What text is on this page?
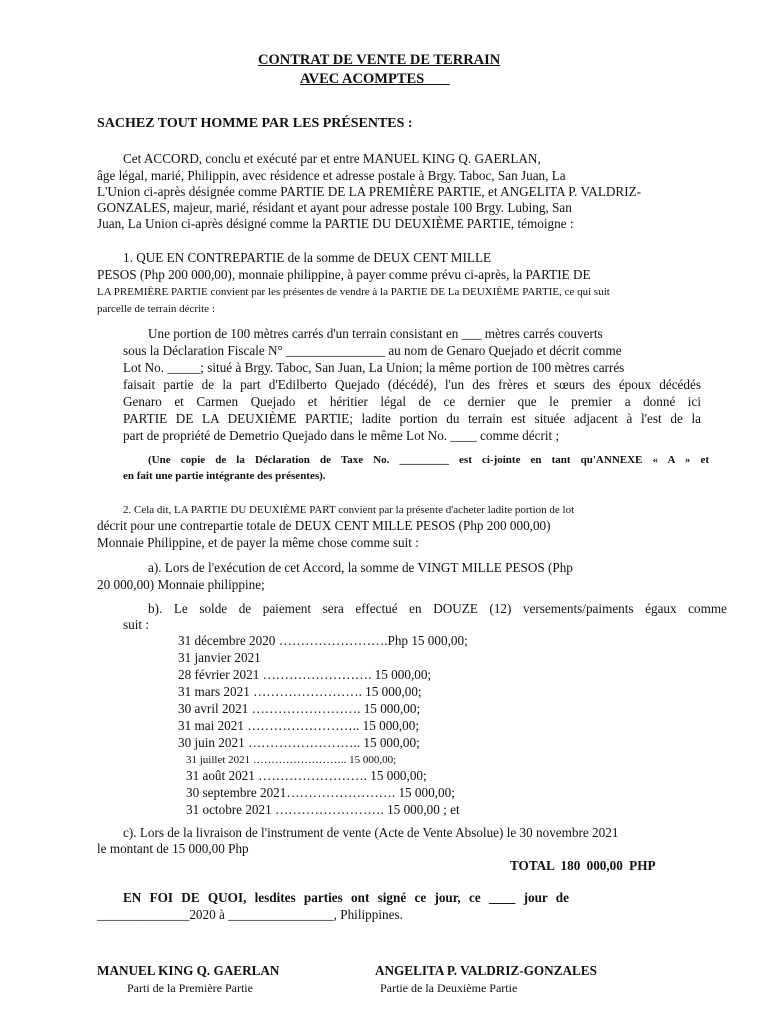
CONTRAT DE VENTE DE TERRAIN
AVEC ACOMPTES
SACHEZ TOUT HOMME PAR LES PRÉSENTES :
Cet ACCORD, conclu et exécuté par et entre MANUEL KING Q. GAERLAN,
âge légal, marié, Philippin, avec résidence et adresse postale à Brgy. Taboc, San Juan, La
L'Union ci-après désignée comme PARTIE DE LA PREMIÈRE PARTIE, et ANGELITA P. VALDRIZ-
GONZALES, majeur, marié, résidant et ayant pour adresse postale 100 Brgy. Lubing, San
Juan, La Union ci-après désigné comme la PARTIE DU DEUXIÈME PARTIE, témoigne :
1. QUE EN CONTREPARTIE de la somme de DEUX CENT MILLE
PESOS (Php 200 000,00), monnaie philippine, à payer comme prévu ci-après, la PARTIE DE
LA PREMIÈRE PARTIE convient par les présentes de vendre à la PARTIE DE La DEUXIÈME PARTIE, ce qui suit
parcelle de terrain décrite :
Une portion de 100 mètres carrés d'un terrain consistant en ___ mètres carrés couverts
sous la Déclaration Fiscale N° _______________ au nom de Genaro Quejado et décrit comme
Lot No. _____; situé à Brgy. Taboc, San Juan, La Union; la même portion de 100 mètres carrés
faisait partie de la part d'Edilberto Quejado (décédé), l'un des frères et sœurs des époux décédés
Genaro et Carmen Quejado et héritier légal de ce dernier que le premier a donné ici
PARTIE DE LA DEUXIÈME PARTIE; ladite portion du terrain est située adjacent à l'est de la
part de propriété de Demetrio Quejado dans le même Lot No. ____ comme décrit ;
(Une copie de la Déclaration de Taxe No. _________ est ci-jointe en tant qu'ANNEXE « A » et
en fait une partie intégrante des présentes).
2. Cela dit, LA PARTIE DU DEUXIÈME PART convient par la présente d'acheter ladite portion de lot
décrit pour une contrepartie totale de DEUX CENT MILLE PESOS (Php 200 000,00)
Monnaie Philippine, et de payer la même chose comme suit :
a). Lors de l'exécution de cet Accord, la somme de VINGT MILLE PESOS (Php
20 000,00) Monnaie philippine;
b). Le solde de paiement sera effectué en DOUZE (12) versements/paiments égaux comme
suit :
31 décembre 2020 …………………….Php 15 000,00;
31 janvier 2021
28 février 2021 ……………………. 15 000,00;
31 mars 2021 ……………………. 15 000,00;
30 avril 2021 ……………………. 15 000,00;
31 mai 2021 …………………….. 15 000,00;
30 juin 2021 …………………….. 15 000,00;
31 juillet 2021 …………………….. 15 000,00;
31 août 2021 ……………………. 15 000,00;
30 septembre 2021……………………. 15 000,00;
31 octobre 2021 ……………………. 15 000,00 ; et
c). Lors de la livraison de l'instrument de vente (Acte de Vente Absolue) le 30 novembre 2021
le montant de 15 000,00 Php
TOTAL 180 000,00 PHP
EN FOI DE QUOI, lesdites parties ont signé ce jour, ce ____ jour de
______________2020 à ________________, Philippines.
MANUEL KING Q. GAERLAN
Parti de la Première Partie
ANGELITA P. VALDRIZ-GONZALES
Partie de la Deuxième Partie
